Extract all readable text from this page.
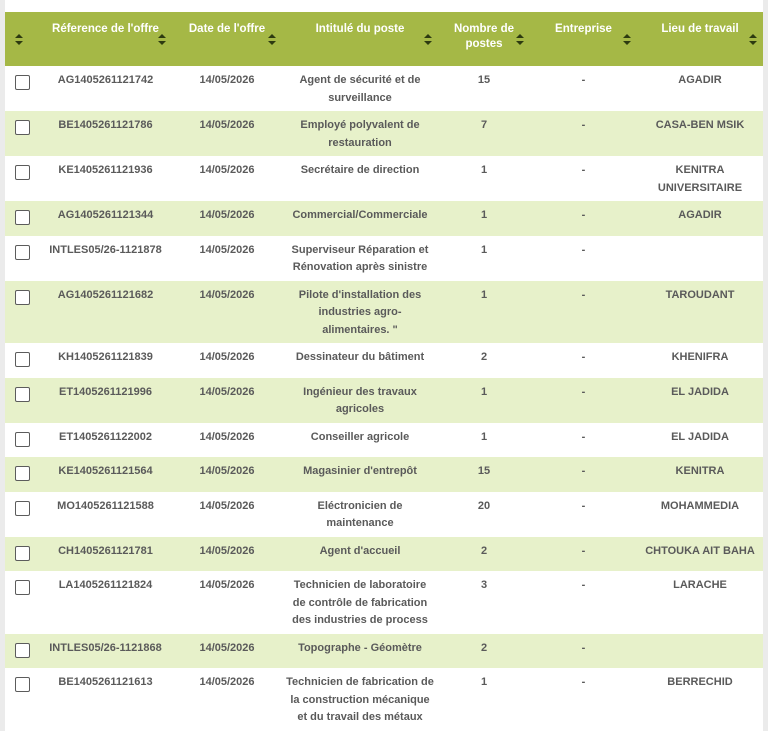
	Réference de l'offre	Date de l'offre	Intitulé du poste	Nombre de postes	Entreprise	Lieu de travail

	AG1405261121742	14/05/2026	Agent de sécurité et de surveillance	15	-	AGADIR
	BE1405261121786	14/05/2026	Employé polyvalent de restauration	7	-	CASA-BEN MSIK
	KE1405261121936	14/05/2026	Secrétaire de direction	1	-	KENITRA UNIVERSITAIRE
	AG1405261121344	14/05/2026	Commercial/Commerciale	1	-	AGADIR
	INTLES05/26-1121878	14/05/2026	Superviseur Réparation et Rénovation après sinistre	1	-	
	AG1405261121682	14/05/2026	Pilote d'installation des industries agro-alimentaires. "	1	-	TAROUDANT
	KH1405261121839	14/05/2026	Dessinateur du bâtiment	2	-	KHENIFRA
	ET1405261121996	14/05/2026	Ingénieur des travaux agricoles	1	-	EL JADIDA
	ET1405261122002	14/05/2026	Conseiller agricole	1	-	EL JADIDA
	KE1405261121564	14/05/2026	Magasinier d'entrepôt	15	-	KENITRA
	MO1405261121588	14/05/2026	Eléctronicien de maintenance	20	-	MOHAMMEDIA
	CH1405261121781	14/05/2026	Agent d'accueil	2	-	CHTOUKA AIT BAHA
	LA1405261121824	14/05/2026	Technicien de laboratoire de contrôle de fabrication des industries de process	3	-	LARACHE
	INTLES05/26-1121868	14/05/2026	Topographe - Géomètre	2	-	
	BE1405261121613	14/05/2026	Technicien de fabrication de la construction mécanique et du travail des métaux	1	-	BERRECHID
